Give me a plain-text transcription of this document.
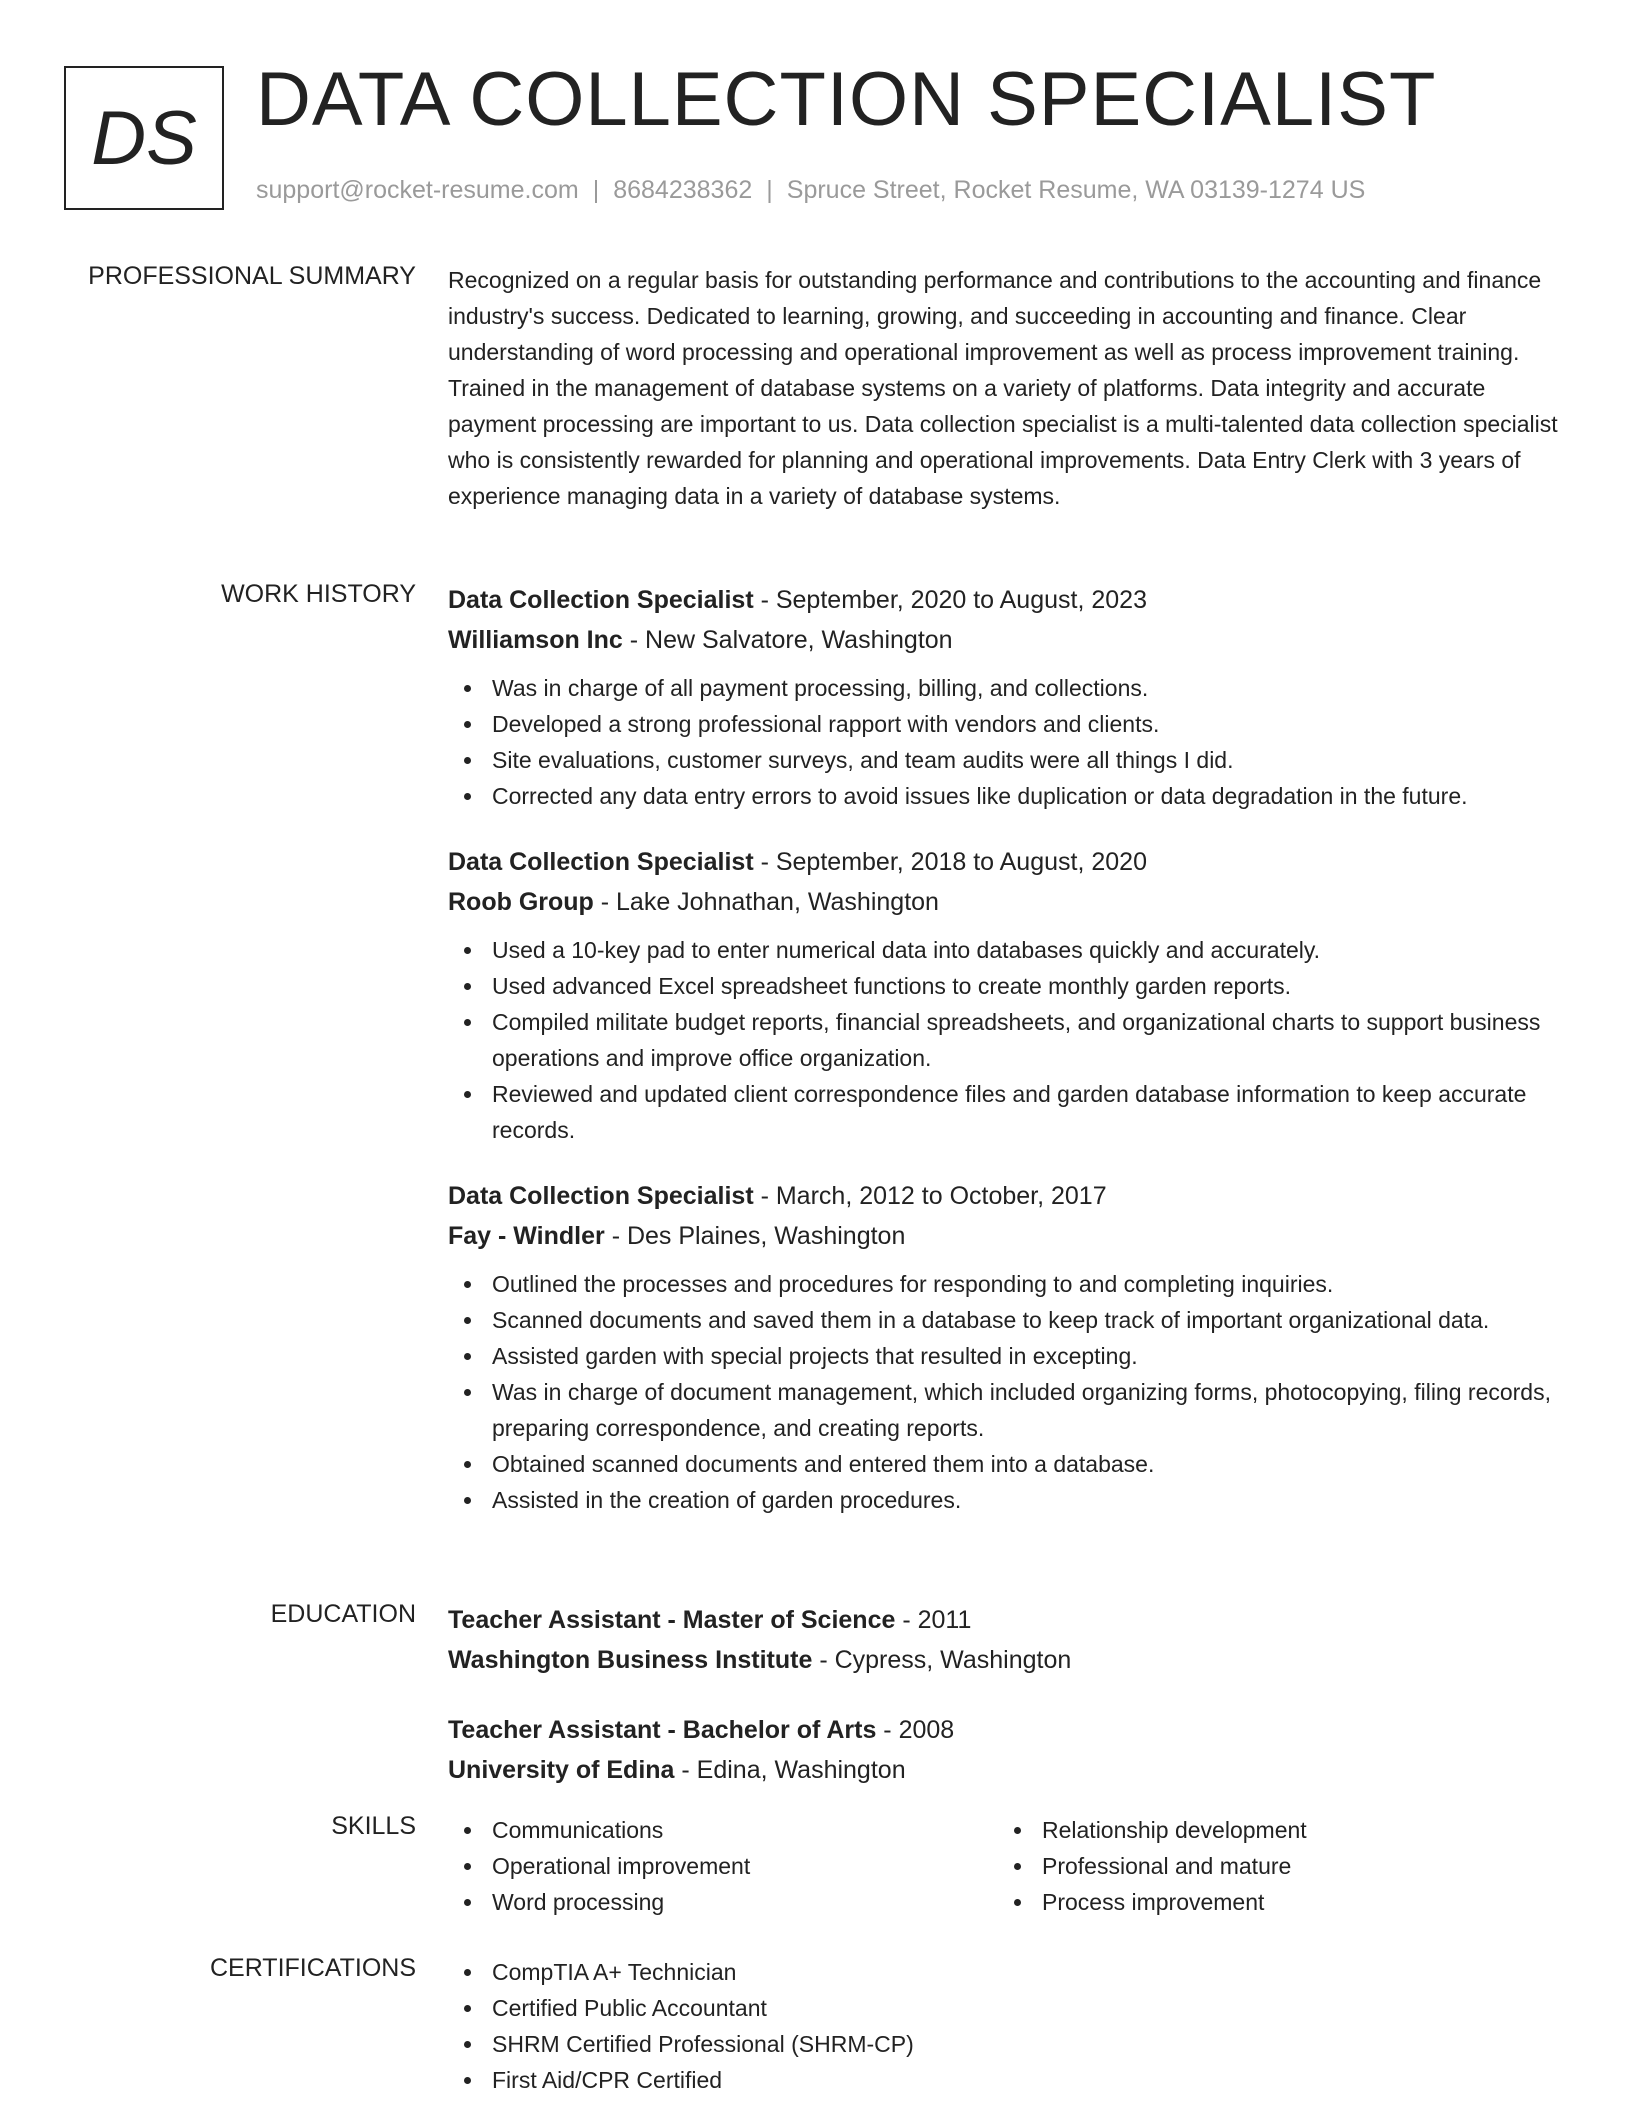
DS DATA COLLECTION SPECIALIST
support@rocket-resume.com | 8684238362 | Spruce Street, Rocket Resume, WA 03139-1274 US
PROFESSIONAL SUMMARY Recognized on a regular basis for outstanding performance and contributions to the accounting and finance industry's success. Dedicated to learning, growing, and succeeding in accounting and finance. Clear understanding of word processing and operational improvement as well as process improvement training. Trained in the management of database systems on a variety of platforms. Data integrity and accurate payment processing are important to us. Data collection specialist is a multi-talented data collection specialist who is consistently rewarded for planning and operational improvements. Data Entry Clerk with 3 years of experience managing data in a variety of database systems.
WORK HISTORY Data Collection Specialist - September, 2020 to August, 2023
Williamson Inc - New Salvatore, Washington
Was in charge of all payment processing, billing, and collections.
Developed a strong professional rapport with vendors and clients.
Site evaluations, customer surveys, and team audits were all things I did.
Corrected any data entry errors to avoid issues like duplication or data degradation in the future.
Data Collection Specialist - September, 2018 to August, 2020
Roob Group - Lake Johnathan, Washington
Used a 10-key pad to enter numerical data into databases quickly and accurately.
Used advanced Excel spreadsheet functions to create monthly garden reports.
Compiled militate budget reports, financial spreadsheets, and organizational charts to support business operations and improve office organization.
Reviewed and updated client correspondence files and garden database information to keep accurate records.
Data Collection Specialist - March, 2012 to October, 2017
Fay - Windler - Des Plaines, Washington
Outlined the processes and procedures for responding to and completing inquiries.
Scanned documents and saved them in a database to keep track of important organizational data.
Assisted garden with special projects that resulted in excepting.
Was in charge of document management, which included organizing forms, photocopying, filing records, preparing correspondence, and creating reports.
Obtained scanned documents and entered them into a database.
Assisted in the creation of garden procedures.
EDUCATION Teacher Assistant - Master of Science - 2011
Washington Business Institute - Cypress, Washington
Teacher Assistant - Bachelor of Arts - 2008
University of Edina - Edina, Washington
SKILLS	Communications
Operational improvement
Word processing
Relationship development
Professional and mature
Process improvement
CERTIFICATIONS	CompTIA A+ Technician
Certified Public Accountant
SHRM Certified Professional (SHRM-CP)
First Aid/CPR Certified
